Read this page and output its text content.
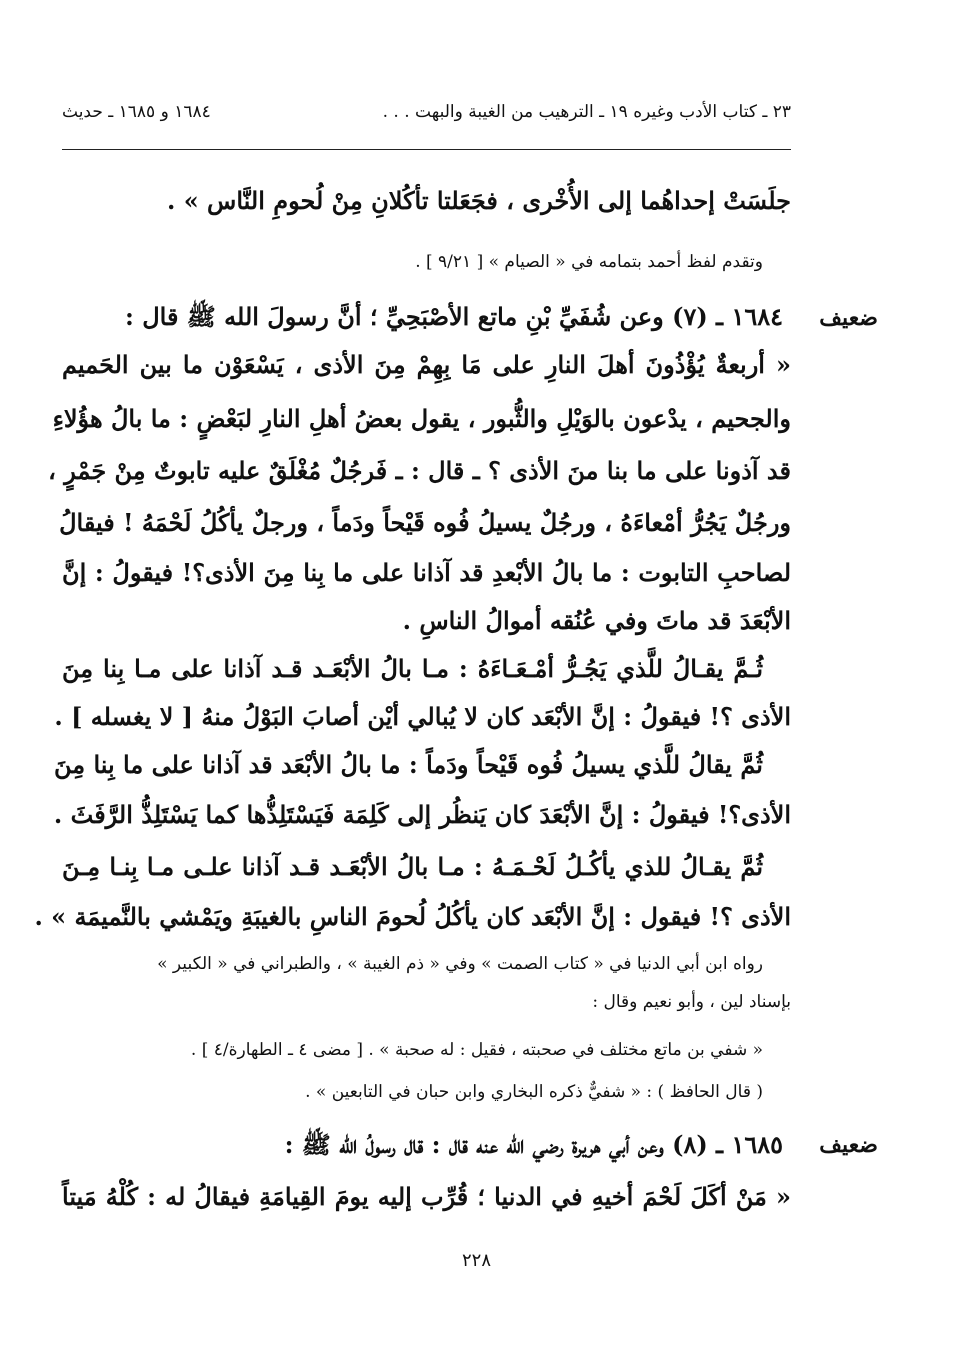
٢٣ ـ كتاب الأدب وغيره ١٩ ـ الترهيب من الغيبة والبهت . . .
١٦٨٤ و ١٦٨٥ ـ حديث
جلَسَتْ إحداهُما إلى الأُخْرى ، فجَعَلتا تأكُلانِ مِنْ لُحومِ النَّاس » .
وتقدم لفظ أحمد بتمامه في « الصيام » [ ٩/٢١ ] .
ضعيف
١٦٨٤ ـ (٧) وعن شُفَيِّ بْنِ ماتع الأصْبَحِيِّ ؛ أنَّ رسولَ الله ﷺ قال :
« أربعةٌ يُؤْذُونَ أهلَ النارِ على مَا بِهِمْ مِنَ الأذى ، يَسْعَوْن ما بين الحَميم
والجحيم ، يدْعون بالوَيْلِ والثُّبور ، يقول بعضُ أهلِ النارِ لبَعْضٍ : ما بالُ هؤُلاءِ
قد آذونا على ما بنا منَ الأذى ؟ ـ قال : ـ فَرجُلٌ مُغْلَقٌ عليه تابوتٌ مِنْ جَمْرٍ ،
ورجُلٌ يَجُرُّ أمْعاءَهُ ، ورجُلٌ يسيلُ فُوه قَيْحاً ودَماً ، ورجلٌ يأكُلُ لَحْمَهُ ! فيقالُ
لصاحبِ التابوت : ما بالُ الأبْعدِ قد آذانا على ما بِنا مِنَ الأذى؟! فيقولُ : إنَّ
الأبْعَدَ قد ماتَ وفي عُنُقه أموالُ الناسِ .
ثُـمَّ يقـالُ للَّذي يَجُـرُّ أمْـعَـاءَهُ : مـا بالُ الأبْعَـد قـد آذانا على مـا بِنا مِنَ
الأذى ؟! فيقولُ : إنَّ الأبْعَد كان لا يُبالي أيْن أصابَ البَوْلُ منهُ [ لا يغسله ] .
ثُمَّ يقالُ للَّذي يسيلُ فُوه قَيْحاً ودَماً : ما بالُ الأبْعَد قد آذانا على ما بِنا مِنَ
الأذى؟! فيقولُ : إنَّ الأبْعَدَ كان يَنظُر إلى كَلِمَة فَيَسْتَلِذُّها كما يَسْتَلِذُّ الرَّفَثَ .
ثُمَّ يقـالُ للذي يأكُـلُ لَحْـمَـهُ : مـا بالُ الأبْعَـد قـد آذانا علـى مـا بِنـا مِـنَ
الأذى ؟! فيقول : إنَّ الأبْعَد كان يأكُلُ لُحومَ الناسِ بالغيبَةِ ويَمْشي بالنَّميمَة » .
رواه ابن أبي الدنيا في « كتاب الصمت » وفي « ذم الغيبة » ، والطبراني في « الكبير »
بإسناد لين ، وأبو نعيم وقال :
« شفي بن ماتع مختلف في صحبته ، فقيل : له صحبة » . [ مضى ٤ ـ الطهارة/٤ ] .
( قال الحافظ ) : « شفيٌّ ذكره البخاري وابن حبان في التابعين » .
ضعيف
١٦٨٥ ـ (٨) وعن أبي هريرة رضي الله عنه قال : قال رسولُ الله ﷺ :
« مَنْ أكَلَ لَحْمَ أخيهِ في الدنيا ؛ قُرِّب إليه يومَ القِيامَةِ فيقالُ له : كُلْهُ مَيتاً
٢٢٨
